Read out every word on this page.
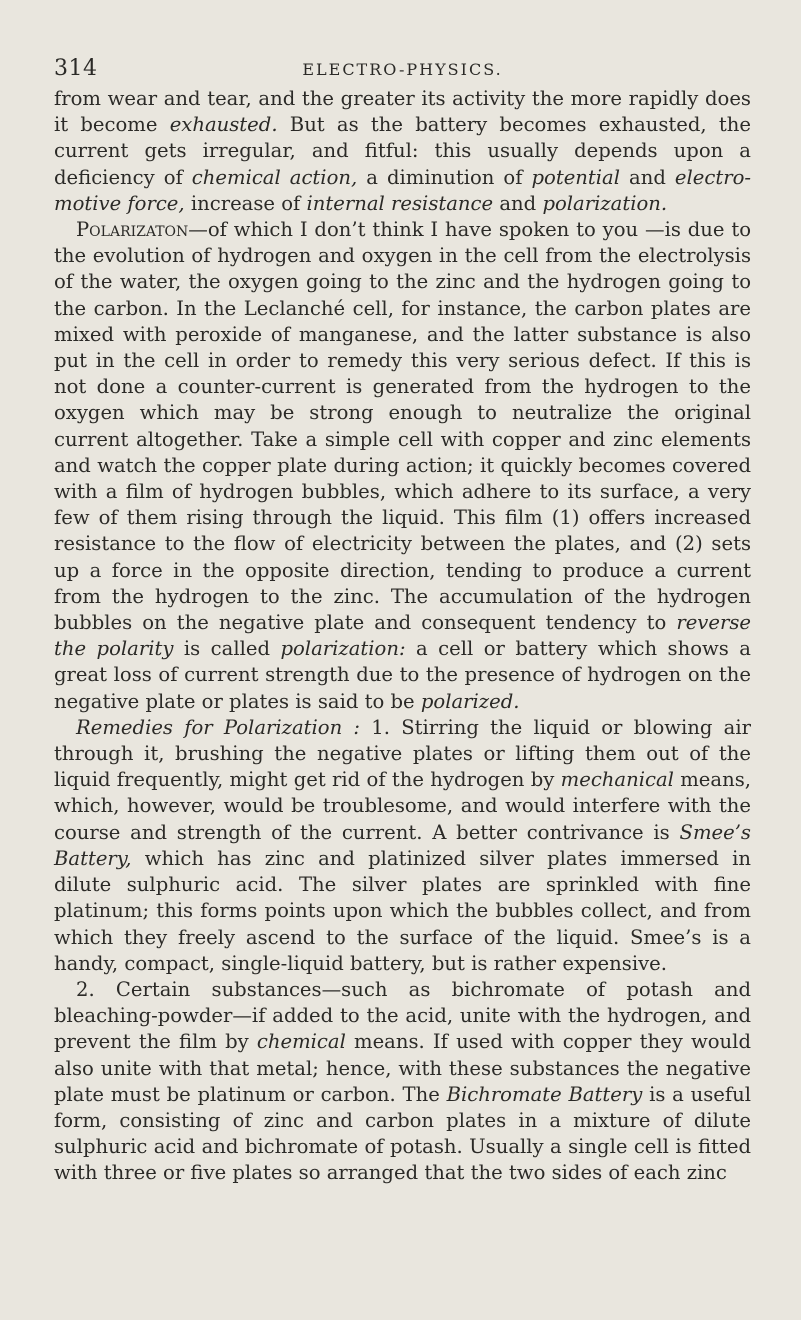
314	ELECTRO-PHYSICS.

from wear and tear, and the greater its activity the more rapidly does it become exhausted. But as the battery becomes exhausted, the current gets irregular, and fitful: this usually depends upon a deficiency of chemical action, a diminution of potential and electro-motive force, increase of internal resistance and polarization.

Polarizaton—of which I don’t think I have spoken to you —is due to the evolution of hydrogen and oxygen in the cell from the electrolysis of the water, the oxygen going to the zinc and the hydrogen going to the carbon. In the Leclanché cell, for instance, the carbon plates are mixed with peroxide of manganese, and the latter substance is also put in the cell in order to remedy this very serious defect. If this is not done a counter-current is generated from the hydrogen to the oxygen which may be strong enough to neutralize the original current altogether. Take a simple cell with copper and zinc elements and watch the copper plate during action; it quickly becomes covered with a film of hydrogen bubbles, which adhere to its surface, a very few of them rising through the liquid. This film (1) offers increased resistance to the flow of electricity between the plates, and (2) sets up a force in the opposite direction, tending to produce a current from the hydrogen to the zinc. The accumulation of the hydrogen bubbles on the negative plate and consequent tendency to reverse the polarity is called polarization: a cell or battery which shows a great loss of current strength due to the presence of hydrogen on the negative plate or plates is said to be polarized.

Remedies for Polarization : 1. Stirring the liquid or blowing air through it, brushing the negative plates or lifting them out of the liquid frequently, might get rid of the hydrogen by mechanical means, which, however, would be troublesome, and would interfere with the course and strength of the current. A better contrivance is Smee’s Battery, which has zinc and platinized silver plates immersed in dilute sulphuric acid. The silver plates are sprinkled with fine platinum; this forms points upon which the bubbles collect, and from which they freely ascend to the surface of the liquid. Smee’s is a handy, compact, single-liquid battery, but is rather expensive.

2. Certain substances—such as bichromate of potash and bleaching-powder—if added to the acid, unite with the hydrogen, and prevent the film by chemical means. If used with copper they would also unite with that metal; hence, with these substances the negative plate must be platinum or carbon. The Bichromate Battery is a useful form, consisting of zinc and carbon plates in a mixture of dilute sulphuric acid and bichromate of potash. Usually a single cell is fitted with three or five plates so arranged that the two sides of each zinc
